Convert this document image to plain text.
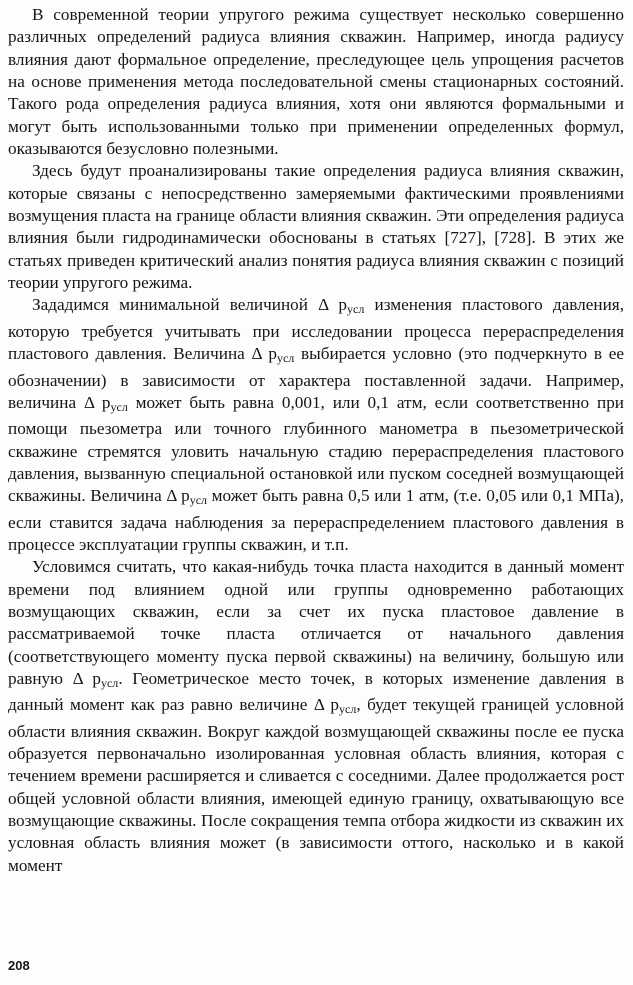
В современной теории упругого режима существует несколько совершенно различных определений радиуса влияния скважин. Например, иногда радиусу влияния дают формальное определение, преследующее цель упрощения расчетов на основе применения метода последовательной смены стационарных состояний. Такого рода определения радиуса влияния, хотя они являются формальными и могут быть использованными только при применении определенных формул, оказываются безусловно полезными.

Здесь будут проанализированы такие определения радиуса влияния скважин, которые связаны с непосредственно замеряемыми фактическими проявлениями возмущения пласта на границе области влияния скважин. Эти определения радиуса влияния были гидродинамически обоснованы в статьях [727], [728]. В этих же статьях приведен критический анализ понятия радиуса влияния скважин с позиций теории упругого режима.

Зададимся минимальной величиной Δ $p_{усл}$ изменения пластового давления, которую требуется учитывать при исследовании процесса перераспределения пластового давления. Величина Δ $p_{усл}$ выбирается условно (это подчеркнуто в ее обозначении) в зависимости от характера поставленной задачи. Например, величина Δ $p_{усл}$ может быть равна 0,001, или 0,1 атм, если соответственно при помощи пьезометра или точного глубинного манометра в пьезометрической скважине стремятся уловить начальную стадию перераспределения пластового давления, вызванную специальной остановкой или пуском соседней возмущающей скважины. Величина Δ $p_{усл}$ может быть равна 0,5 или 1 атм, (т.е. 0,05 или 0,1 МПа), если ставится задача наблюдения за перераспределением пластового давления в процессе эксплуатации группы скважин, и т.п.

Условимся считать, что какая-нибудь точка пласта находится в данный момент времени под влиянием одной или группы одновременно работающих возмущающих скважин, если за счет их пуска пластовое давление в рассматриваемой точке пласта отличается от начального давления (соответствующего моменту пуска первой скважины) на величину, большую или равную Δ $p_{усл}$. Геометрическое место точек, в которых изменение давления в данный момент как раз равно величине Δ $p_{усл}$, будет текущей границей условной области влияния скважин. Вокруг каждой возмущающей скважины после ее пуска образуется первоначально изолированная условная область влияния, которая с течением времени расширяется и сливается с соседними. Далее продолжается рост общей условной области влияния, имеющей единую границу, охватывающую все возмущающие скважины. После сокращения темпа отбора жидкости из скважин их условная область влияния может (в зависимости оттого, насколько и в какой момент

208
